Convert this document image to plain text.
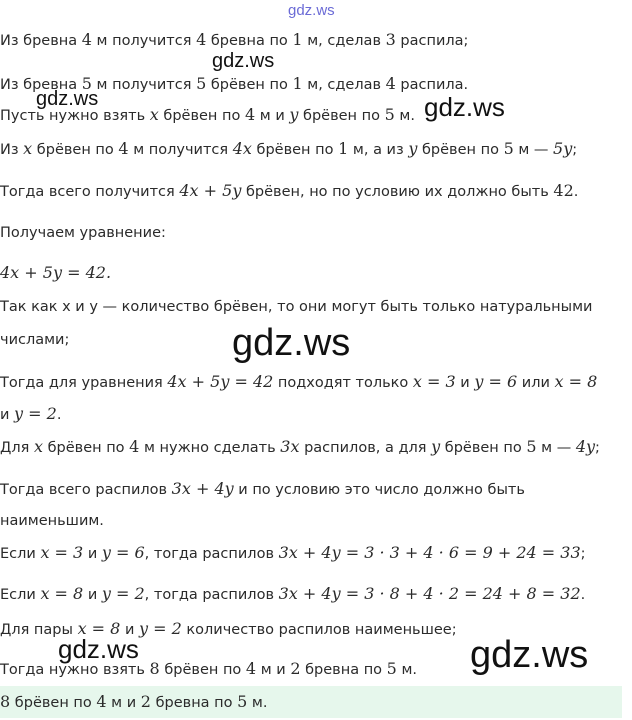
gdz.ws
Из бревна 4 м получится 4 бревна по 1 м, сделав 3 распила;
gdz.ws
Из бревна 5 м получится 5 брёвен по 1 м, сделав 4 распила.
gdz.ws
Пусть нужно взять x брёвен по 4 м и y брёвен по 5 м. gdz.ws
Из x брёвен по 4 м получится 4x брёвен по 1 м, а из y брёвен по 5 м — 5y;
Тогда всего получится 4x + 5y брёвен, но по условию их должно быть 42.
Получаем уравнение:
4x + 5y = 42.
Так как x и y — количество брёвен, то они могут быть только натуральными
числами;	gdz.ws
Тогда для уравнения 4x + 5y = 42 подходят только x = 3 и y = 6 или x = 8
и y = 2.
Для x брёвен по 4 м нужно сделать 3x распилов, а для y брёвен по 5 м — 4y;
Тогда всего распилов 3x + 4y и по условию это число должно быть
наименьшим.
Если x = 3 и y = 6, тогда распилов 3x + 4y = 3 · 3 + 4 · 6 = 9 + 24 = 33;
Если x = 8 и y = 2, тогда распилов 3x + 4y = 3 · 8 + 4 · 2 = 24 + 8 = 32.
Для пары x = 8 и y = 2 количество распилов наименьшее;
gdz.ws
Тогда нужно взять 8 брёвен по 4 м и 2 бревна по 5 м. gdz.ws
8 брёвен по 4 м и 2 бревна по 5 м.
